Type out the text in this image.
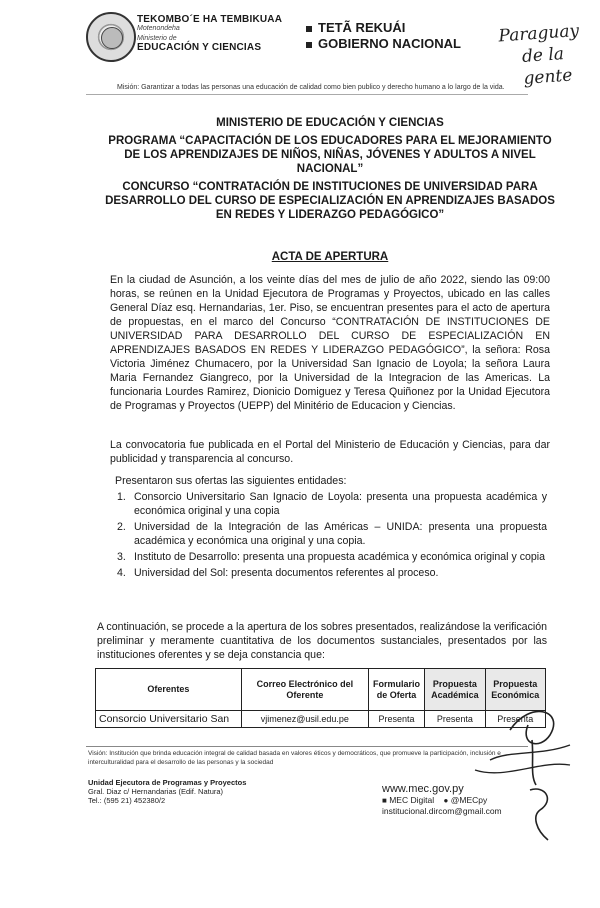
TEKOMBO´E HA TEMBIKUAA
Motenondeha
Ministerio de
EDUCACIÓN Y CIENCIAS
TETÃ REKUÁI
GOBIERNO NACIONAL Paraguay
de la gente
Misión: Garantizar a todas las personas una educación de calidad como bien publico y derecho humano a lo largo de la vida.
MINISTERIO DE EDUCACIÓN Y CIENCIAS
PROGRAMA “CAPACITACIÓN DE LOS EDUCADORES PARA EL MEJORAMIENTO DE LOS APRENDIZAJES DE NIÑOS, NIÑAS, JÓVENES Y ADULTOS A NIVEL NACIONAL”
CONCURSO “CONTRATACIÓN DE INSTITUCIONES DE UNIVERSIDAD PARA DESARROLLO DEL CURSO DE ESPECIALIZACIÓN EN APRENDIZAJES BASADOS EN REDES Y LIDERAZGO PEDAGÓGICO”
ACTA DE APERTURA
En la ciudad de Asunción, a los veinte días del mes de julio de año 2022, siendo las 09:00 horas, se reúnen en la Unidad Ejecutora de Programas y Proyectos, ubicado en las calles General Díaz esq. Hernandarias, 1er. Piso, se encuentran presentes para el acto de apertura de propuestas, en el marco del Concurso “CONTRATACIÓN DE INSTITUCIONES DE UNIVERSIDAD PARA DESARROLLO DEL CURSO DE ESPECIALIZACIÓN EN APRENDIZAJES BASADOS EN REDES Y LIDERAZGO PEDAGÓGICO”, la señora: Rosa Victoria Jiménez Chumacero, por la Universidad San Ignacio de Loyola; la señora Laura Maria Fernandez Giangreco, por la Universidad de la Integracion de las Americas. La funcionaria Lourdes Ramirez, Dionicio Domiguez y Teresa Quiñonez por la Unidad Ejecutora de Programas y Proyectos (UEPP) del Minitério de Educacion y Ciencias.
La convocatoria fue publicada en el Portal del Ministerio de Educación y Ciencias, para dar publicidad y transparencia al concurso.
Presentaron sus ofertas las siguientes entidades:
1. Consorcio Universitario San Ignacio de Loyola: presenta una propuesta académica y económica original y una copia
2. Universidad de la Integración de las Américas – UNIDA: presenta una propuesta académica y económica una original y una copia.
3. Instituto de Desarrollo: presenta una propuesta académica y económica original y copia
4. Universidad del Sol: presenta documentos referentes al proceso.
A continuación, se procede a la apertura de los sobres presentados, realizándose la verificación preliminar y meramente cuantitativa de los documentos sustanciales, presentados por las instituciones oferentes y se deja constancia que:
Oferentes	Correo Electrónico del Oferente	Formulario de Oferta	Propuesta Académica	Propuesta Económica
Consorcio Universitario San	vjimenez@usil.edu.pe	Presenta	Presenta	Presenta
Visión: Institución que brinda educación integral de calidad basada en valores éticos y democráticos, que promueve la participación, inclusión e interculturalidad para el desarrollo de las personas y la sociedad
Unidad Ejecutora de Programas y Proyectos
Gral. Diaz c/ Hernandarias (Edif. Natura)
Tel.: (595 21) 452380/2
www.mec.gov.py
■ MEC Digital ● @MECpy
institucional.dircom@gmail.com
